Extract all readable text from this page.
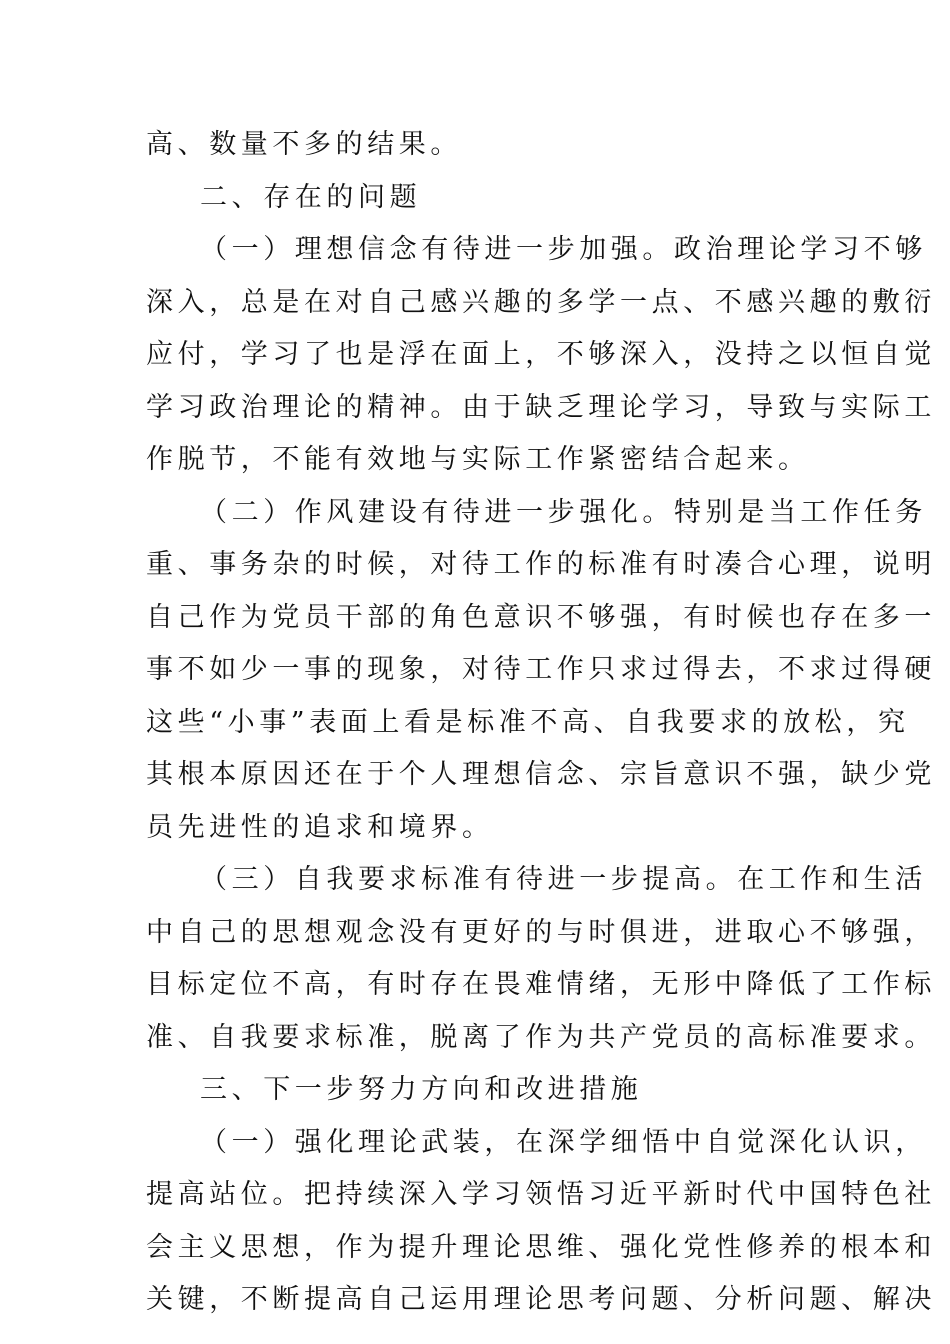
高、数量不多的结果。
二、存在的问题
（一）理想信念有待进一步加强。政治理论学习不够
深入，总是在对自己感兴趣的多学一点、不感兴趣的敷衍
应付，学习了也是浮在面上，不够深入，没持之以恒自觉
学习政治理论的精神。由于缺乏理论学习，导致与实际工
作脱节，不能有效地与实际工作紧密结合起来。
（二）作风建设有待进一步强化。特别是当工作任务
重、事务杂的时候，对待工作的标准有时凑合心理，说明
自己作为党员干部的角色意识不够强，有时候也存在多一
事不如少一事的现象，对待工作只求过得去，不求过得硬
这些“小事”表面上看是标准不高、自我要求的放松，究
其根本原因还在于个人理想信念、宗旨意识不强，缺少党
员先进性的追求和境界。
（三）自我要求标准有待进一步提高。在工作和生活
中自己的思想观念没有更好的与时俱进，进取心不够强，
目标定位不高，有时存在畏难情绪，无形中降低了工作标
准、自我要求标准，脱离了作为共产党员的高标准要求。
三、下一步努力方向和改进措施
（一）强化理论武装，在深学细悟中自觉深化认识，
提高站位。把持续深入学习领悟习近平新时代中国特色社
会主义思想，作为提升理论思维、强化党性修养的根本和
关键，不断提高自己运用理论思考问题、分析问题、解决
